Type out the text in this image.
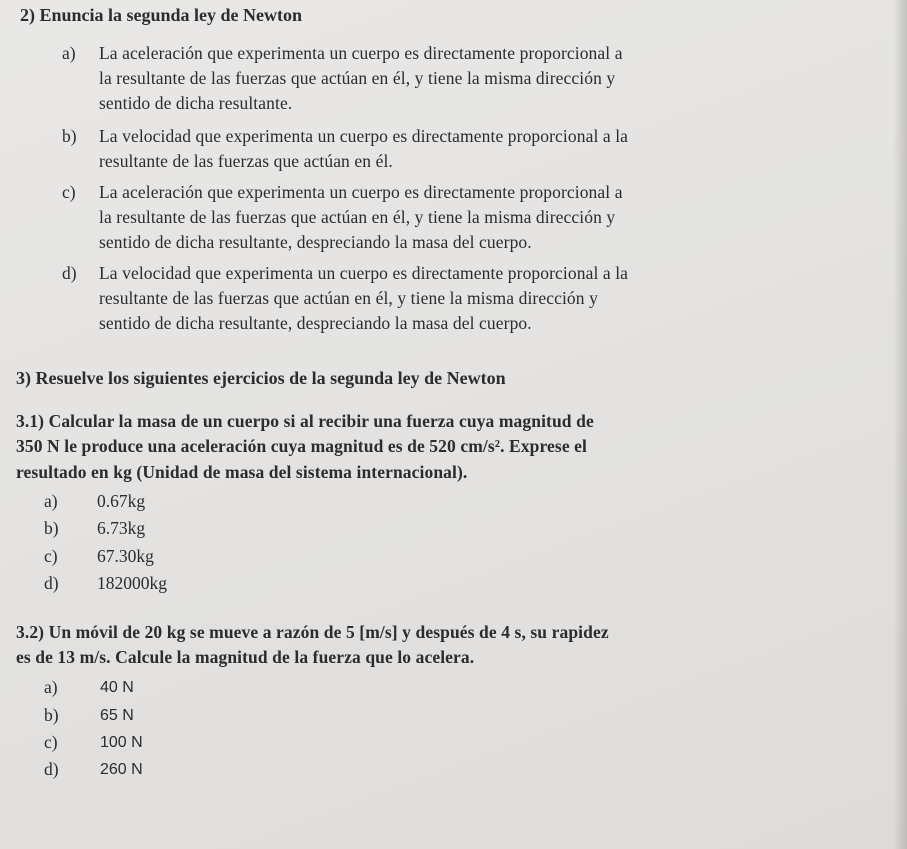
2) Enuncia la segunda ley de Newton

a) La aceleración que experimenta un cuerpo es directamente proporcional a

la resultante de las fuerzas que actúan en él, y tiene la misma dirección y

sentido de dicha resultante.

b) La velocidad que experimenta un cuerpo es directamente proporcional a la

resultante de las fuerzas que actúan en él.

c) La aceleración que experimenta un cuerpo es directamente proporcional a

la resultante de las fuerzas que actúan en él, y tiene la misma dirección y

sentido de dicha resultante, despreciando la masa del cuerpo.

d) La velocidad que experimenta un cuerpo es directamente proporcional a la

resultante de las fuerzas que actúan en él, y tiene la misma dirección y

sentido de dicha resultante, despreciando la masa del cuerpo.

3) Resuelve los siguientes ejercicios de la segunda ley de Newton

3.1) Calcular la masa de un cuerpo si al recibir una fuerza cuya magnitud de

350 N le produce una aceleración cuya magnitud es de 520 cm/s². Exprese el

resultado en kg (Unidad de masa del sistema internacional).

a) 0.67kg
b) 6.73kg
c) 67.30kg
d) 182000kg

3.2) Un móvil de 20 kg se mueve a razón de 5 [m/s] y después de 4 s, su rapidez

es de 13 m/s. Calcule la magnitud de la fuerza que lo acelera.

a)	40 N
b)	65 N
c)	100 N
d)	260 N
